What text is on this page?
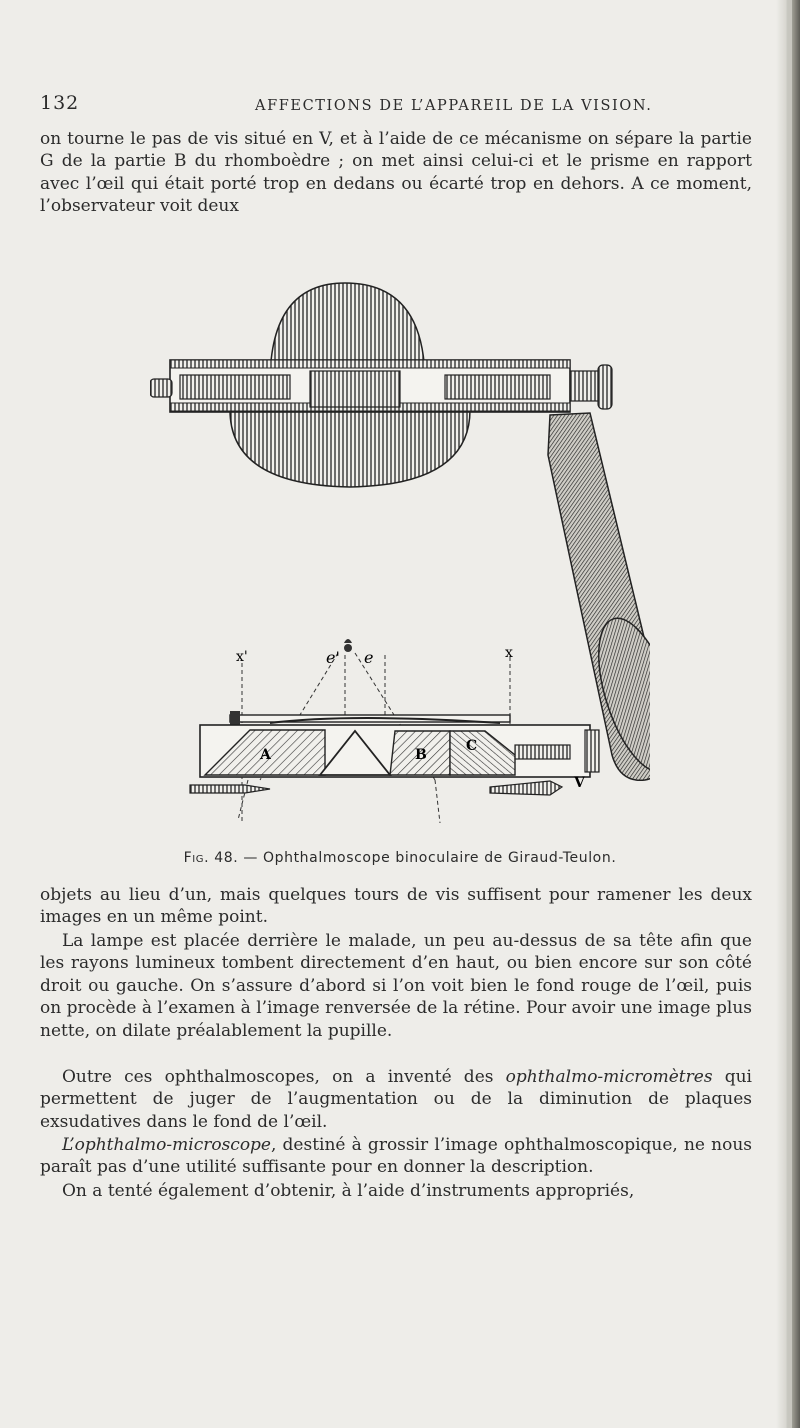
132	AFFECTIONS DE L’APPAREIL DE LA VISION.

on tourne le pas de vis situé en V, et à l’aide de ce mécanisme on sépare la partie G de la partie B du rhomboèdre ; on met ainsi celui-ci et le prisme en rapport avec l’œil qui était porté trop en dedans ou écarté trop en dehors. A ce moment, l’observateur voit deux

x'	x
e' e
A	B
C
V
Fig. 48. — Ophthalmoscope binoculaire de Giraud-Teulon.

objets au lieu d’un, mais quelques tours de vis suffisent pour ramener les deux images en un même point.

La lampe est placée derrière le malade, un peu au-dessus de sa tête afin que les rayons lumineux tombent directement d’en haut, ou bien encore sur son côté droit ou gauche. On s’assure d’abord si l’on voit bien le fond rouge de l’œil, puis on procède à l’examen à l’image renversée de la rétine. Pour avoir une image plus nette, on dilate préalablement la pupille.

Outre ces ophthalmoscopes, on a inventé des ophthalmo-micromètres qui permettent de juger de l’augmentation ou de la diminution de plaques exsudatives dans le fond de l’œil.

L’ophthalmo-microscope, destiné à grossir l’image ophthalmoscopique, ne nous paraît pas d’une utilité suffisante pour en donner la description.

On a tenté également d’obtenir, à l’aide d’instruments appropriés,
